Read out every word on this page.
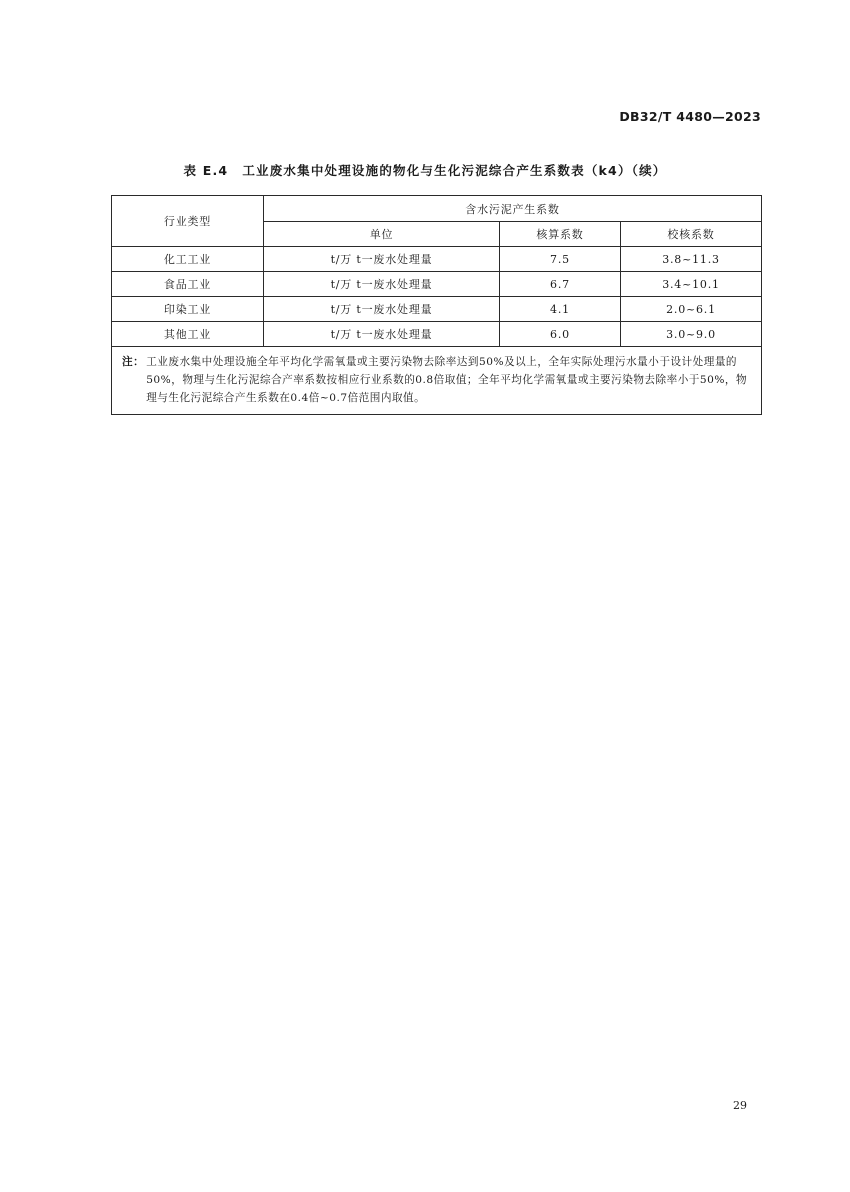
DB32/T 4480—2023
表 E.4 工业废水集中处理设施的物化与生化污泥综合产生系数表（k4）（续）
行业类型	含水污泥产生系数		
	单位	核算系数	校核系数
化工工业	t/万 t一废水处理量	7.5	3.8~11.3
食品工业	t/万 t一废水处理量	6.7	3.4~10.1
印染工业	t/万 t一废水处理量	4.1	2.0~6.1
其他工业	t/万 t一废水处理量	6.0	3.0~9.0

注： 工业废水集中处理设施全年平均化学需氧量或主要污染物去除率达到50%及以上，全年实际处理污水量小于设计处理量的50%，物理与生化污泥综合产率系数按相应行业系数的0.8倍取值；全年平均化学需氧量或主要污染物去除率小于50%，物理与生化污泥综合产生系数在0.4倍~0.7倍范围内取值。			
29
